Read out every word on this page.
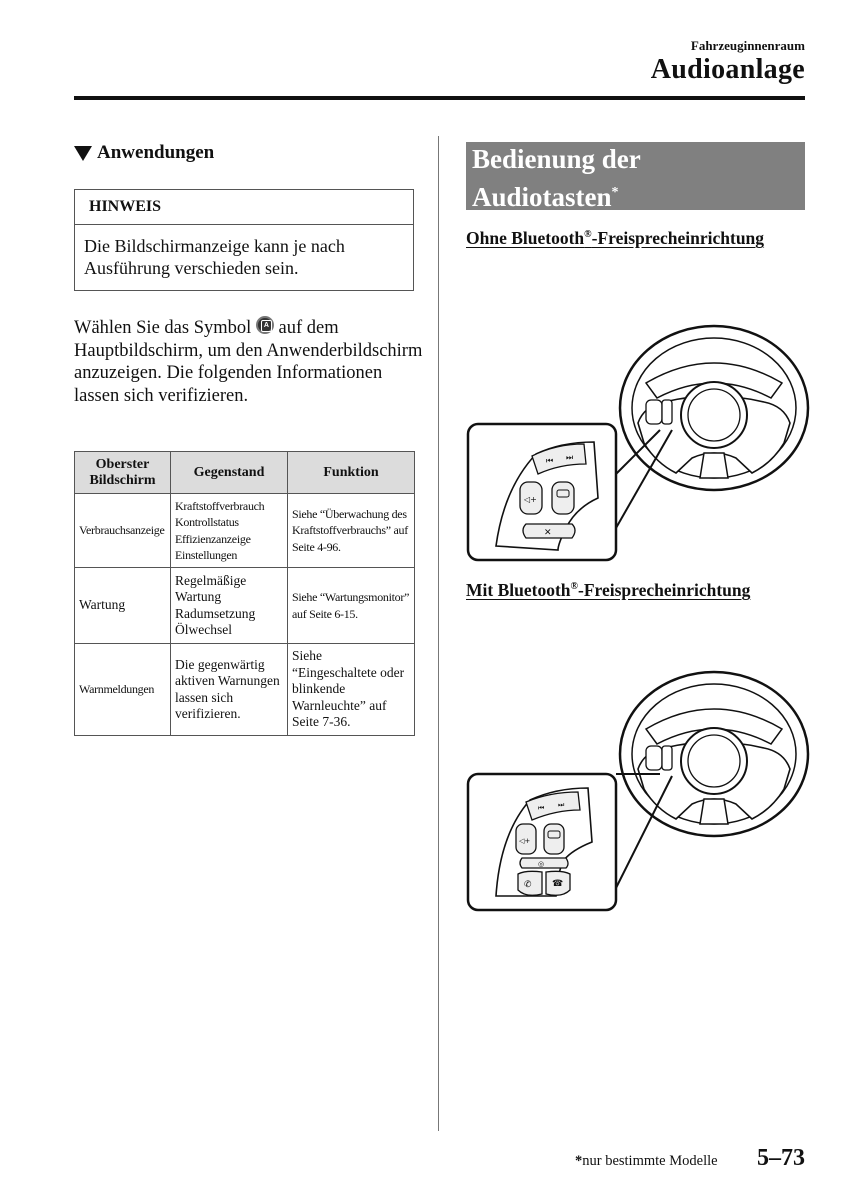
Fahrzeuginnenraum
Audioanlage
Anwendungen
HINWEIS
Die Bildschirmanzeige kann je nach Ausführung verschieden sein.
Wählen Sie das Symbol	A auf dem Hauptbildschirm, um den Anwenderbildschirm anzuzeigen. Die folgenden Informationen lassen sich verifizieren.
Oberster Bildschirm	Gegenstand	Funktion
Verbrauchsanzeige	Kraftstoffverbrauch Kontrollstatus Effizienzanzeige Einstellungen	Siehe “Überwachung des Kraftstoffverbrauchs” auf Seite 4-96.
Wartung	Regelmäßige Wartung Radumsetzung Ölwechsel	Siehe “Wartungsmonitor” auf Seite 6-15.
Warnmeldungen	Die gegenwärtig aktiven Warnungen lassen sich verifizieren.	Siehe “Eingeschaltete oder blinkende Warnleuchte” auf Seite 7-36.
Bedienung der
Audiotasten*
Ohne Bluetooth®-Freisprecheinrichtung
⏮ ⏭
◁+
✕
Mit Bluetooth®-Freisprecheinrichtung
⏮ ⏭
◁+
◎
✆ ☎
*nur bestimmte Modelle 5–73
